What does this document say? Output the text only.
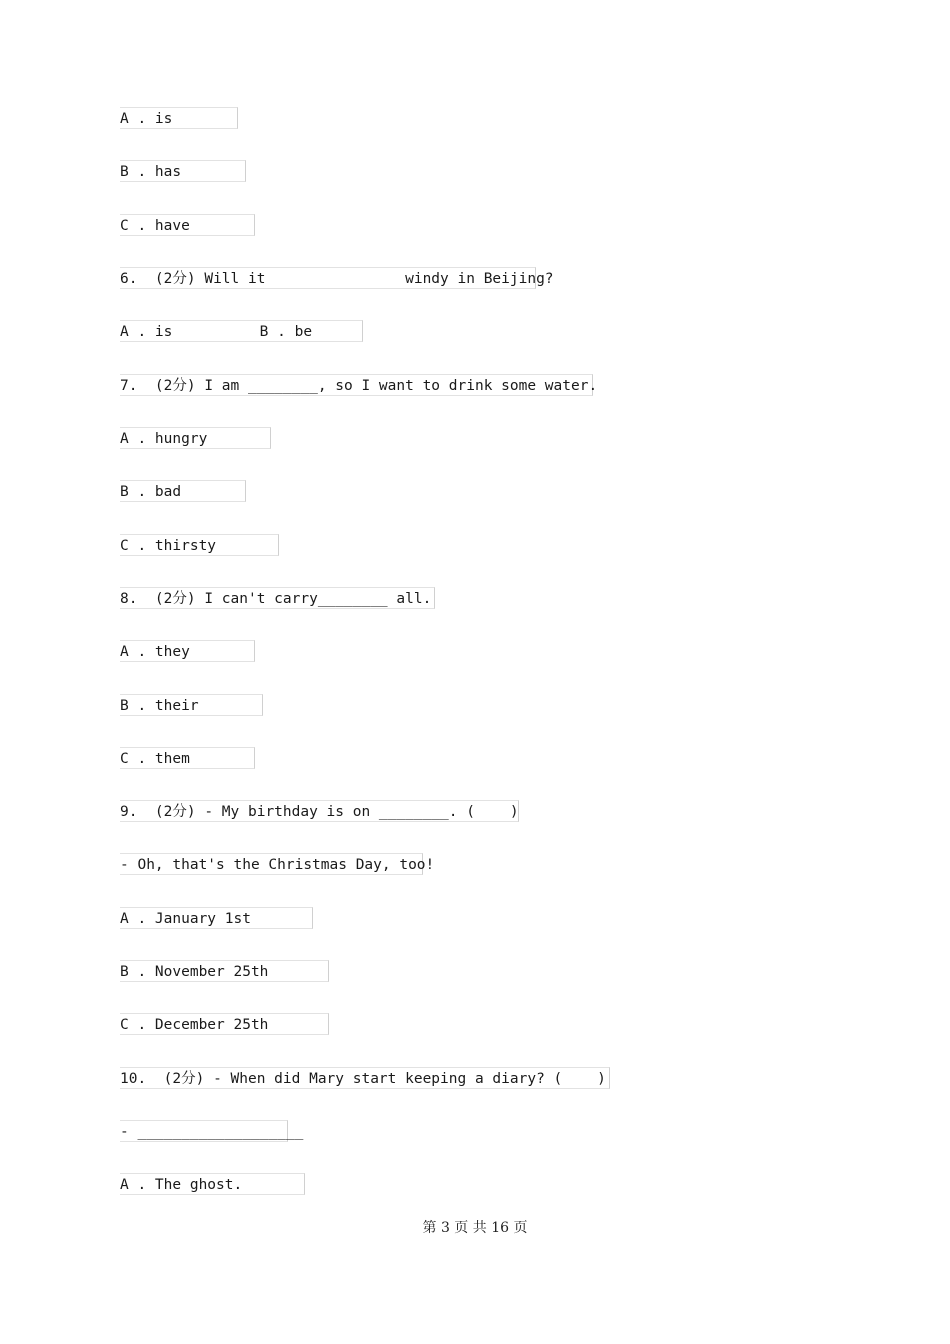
A . is
B . has
C . have
6.  (2分) Will it                windy in Beijing?
A . is          B . be
7.  (2分) I am ________, so I want to drink some water.
A . hungry
B . bad
C . thirsty
8.  (2分) I can't carry________ all.
A . they
B . their
C . them
9.  (2分) - My birthday is on ________. (    )
- Oh, that's the Christmas Day, too!
A . January 1st
B . November 25th
C . December 25th
10.  (2分) - When did Mary start keeping a diary? (    )
- ___________________
A . The ghost.
第 3 页 共 16 页
